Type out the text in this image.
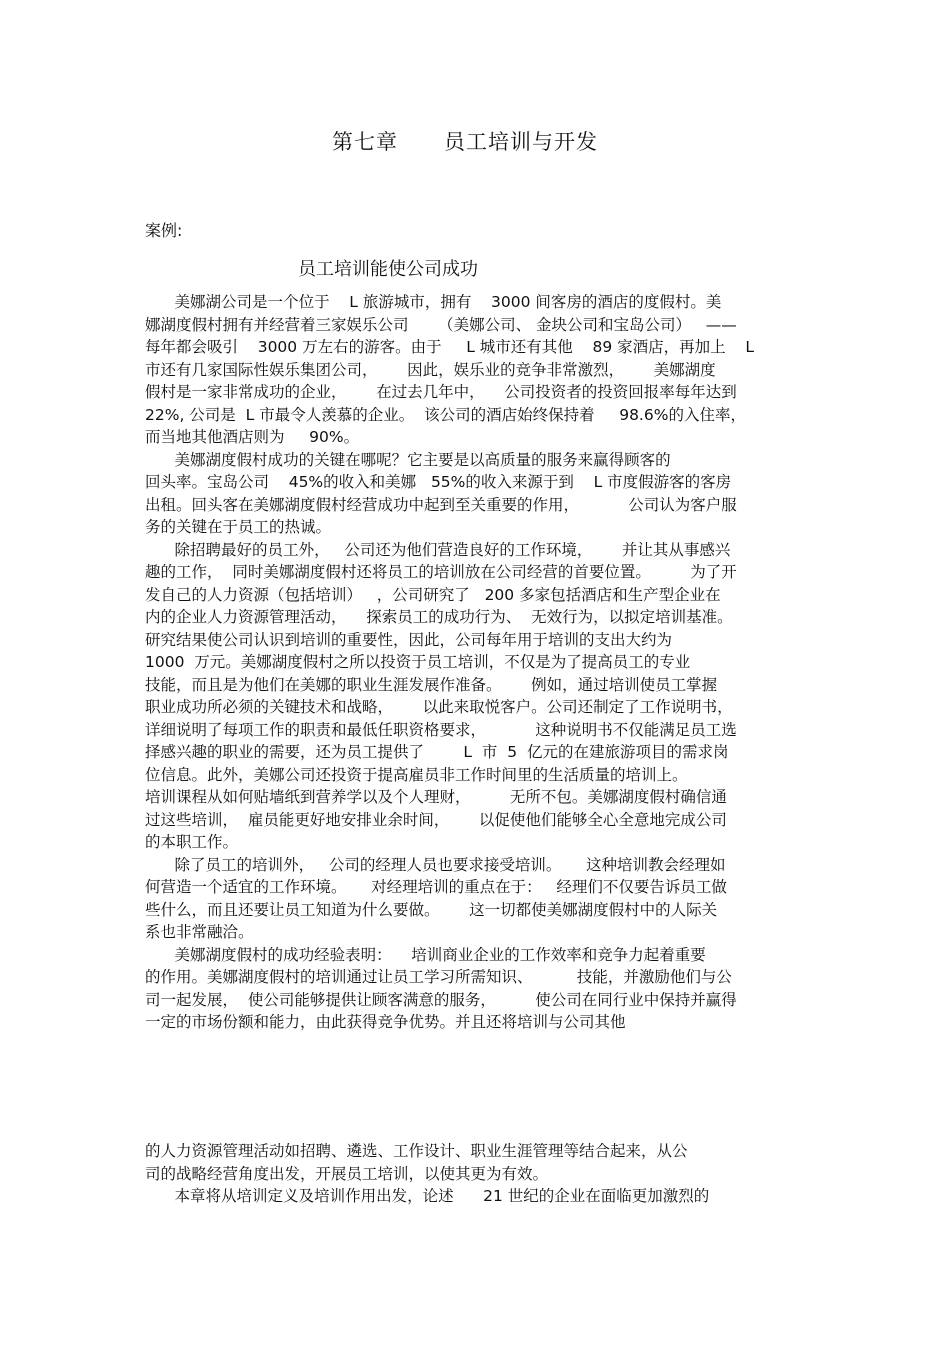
第七章      员工培训与开发
案例:
员工培训能使公司成功
美娜湖公司是一个位于    L 旅游城市，拥有    3000 间客房的酒店的度假村。美
娜湖度假村拥有并经营着三家娱乐公司      （美娜公司、 金块公司和宝岛公司）   ——
每年都会吸引    3000 万左右的游客。由于     L 城市还有其他    89 家酒店，再加上    L
市还有几家国际性娱乐集团公司，      因此，娱乐业的竞争非常激烈，      美娜湖度
假村是一家非常成功的企业，      在过去几年中，    公司投资者的投资回报率每年达到
22%, 公司是  L 市最令人羡慕的企业。  该公司的酒店始终保持着     98.6%的入住率，
而当地其他酒店则为     90%。
美娜湖度假村成功的关键在哪呢？它主要是以高质量的服务来赢得顾客的
回头率。宝岛公司    45%的收入和美娜   55%的收入来源于到    L 市度假游客的客房
出租。回头客在美娜湖度假村经营成功中起到至关重要的作用，          公司认为客户服
务的关键在于员工的热诚。
除招聘最好的员工外，   公司还为他们营造良好的工作环境，      并让其从事感兴
趣的工作，  同时美娜湖度假村还将员工的培训放在公司经营的首要位置。        为了开
发自己的人力资源（包括培训）   ，公司研究了   200 多家包括酒店和生产型企业在
内的企业人力资源管理活动，    探索员工的成功行为、  无效行为，以拟定培训基准。
研究结果使公司认识到培训的重要性，因此，公司每年用于培训的支出大约为
1000  万元。美娜湖度假村之所以投资于员工培训，不仅是为了提高员工的专业
技能，而且是为他们在美娜的职业生涯发展作准备。      例如，通过培训使员工掌握
职业成功所必须的关键技术和战略，      以此来取悦客户。公司还制定了工作说明书，
详细说明了每项工作的职责和最低任职资格要求，          这种说明书不仅能满足员工选
择感兴趣的职业的需要，还为员工提供了        L  市  5  亿元的在建旅游项目的需求岗
位信息。此外，美娜公司还投资于提高雇员非工作时间里的生活质量的培训上。
培训课程从如何贴墙纸到营养学以及个人理财，        无所不包。美娜湖度假村确信通
过这些培训，  雇员能更好地安排业余时间，      以促使他们能够全心全意地完成公司
的本职工作。
除了员工的培训外，   公司的经理人员也要求接受培训。     这种培训教会经理如
何营造一个适宜的工作环境。     对经理培训的重点在于：   经理们不仅要告诉员工做
些什么，而且还要让员工知道为什么要做。      这一切都使美娜湖度假村中的人际关
系也非常融洽。
美娜湖度假村的成功经验表明：    培训商业企业的工作效率和竞争力起着重要
的作用。美娜湖度假村的培训通过让员工学习所需知识、         技能，并激励他们与公
司一起发展，  使公司能够提供让顾客满意的服务，        使公司在同行业中保持并赢得
一定的市场份额和能力，由此获得竞争优势。并且还将培训与公司其他
的人力资源管理活动如招聘、遴选、工作设计、职业生涯管理等结合起来，从公
司的战略经营角度出发，开展员工培训，以使其更为有效。
本章将从培训定义及培训作用出发，论述      21 世纪的企业在面临更加激烈的
